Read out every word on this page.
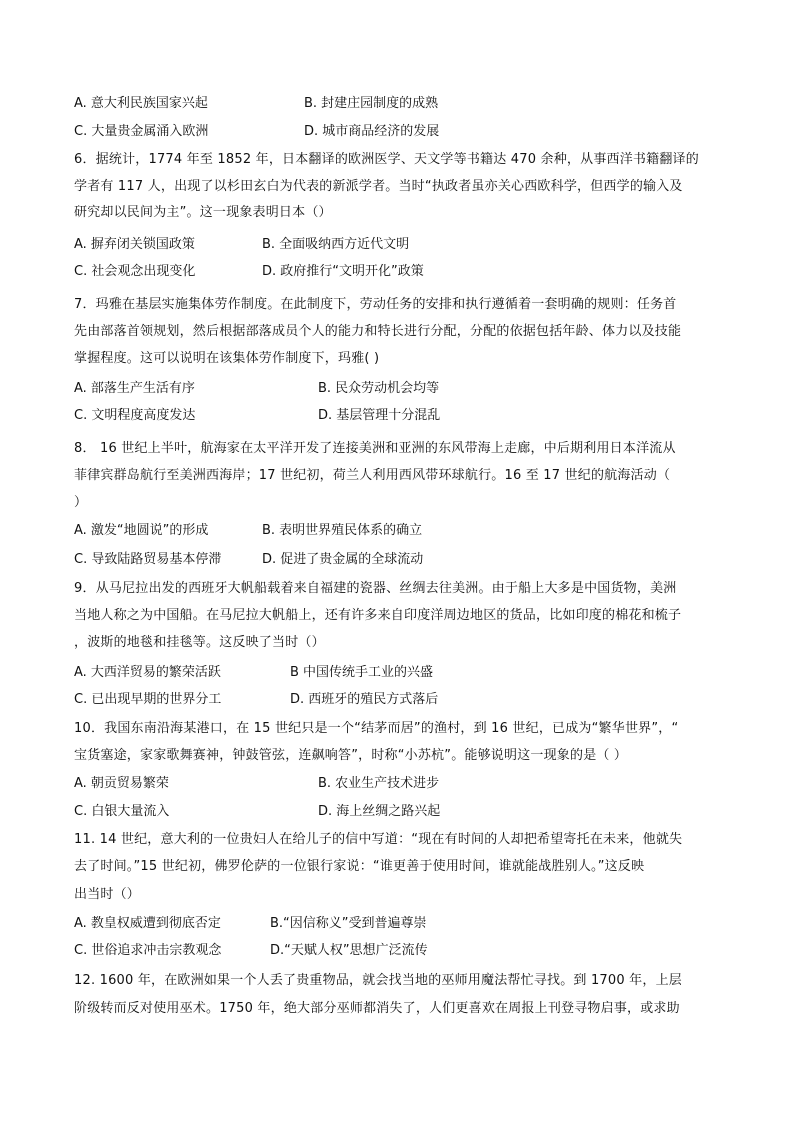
A. 意大利民族国家兴起	B. 封建庄园制度的成熟
C. 大量贵金属涌入欧洲	D. 城市商品经济的发展
6．据统计，1774 年至 1852 年，日本翻译的欧洲医学、天文学等书籍达 470 余种，从事西洋书籍翻译的
学者有 117 人，出现了以杉田玄白为代表的新派学者。当时“执政者虽亦关心西欧科学，但西学的输入及
研究却以民间为主”。这一现象表明日本（）
A. 摒弃闭关锁国政策	B. 全面吸纳西方近代文明
C. 社会观念出现变化	D. 政府推行“文明开化”政策
7．玛雅在基层实施集体劳作制度。在此制度下，劳动任务的安排和执行遵循着一套明确的规则：任务首
先由部落首领规划，然后根据部落成员个人的能力和特长进行分配，分配的依据包括年龄、体力以及技能
掌握程度。这可以说明在该集体劳作制度下，玛雅( )
A. 部落生产生活有序	B. 民众劳动机会均等
C. 文明程度高度发达	D. 基层管理十分混乱
8． 16 世纪上半叶，航海家在太平洋开发了连接美洲和亚洲的东风带海上走廊，中后期利用日本洋流从
菲律宾群岛航行至美洲西海岸；17 世纪初，荷兰人利用西风带环球航行。16 至 17 世纪的航海活动（
）
A. 激发“地圆说”的形成	B. 表明世界殖民体系的确立
C. 导致陆路贸易基本停滞	D. 促进了贵金属的全球流动
9．从马尼拉出发的西班牙大帆船载着来自福建的瓷器、丝绸去往美洲。由于船上大多是中国货物，美洲
当地人称之为中国船。在马尼拉大帆船上，还有许多来自印度洋周边地区的货品，比如印度的棉花和梳子
，波斯的地毯和挂毯等。这反映了当时（）
A. 大西洋贸易的繁荣活跃	B 中国传统手工业的兴盛
C. 已出现早期的世界分工	D. 西班牙的殖民方式落后
10．我国东南沿海某港口，在 15 世纪只是一个“结茅而居”的渔村，到 16 世纪，已成为“繁华世界”，“
宝货塞途，家家歌舞赛神，钟鼓管弦，连飙响答”，时称“小苏杭”。能够说明这一现象的是（ ）
A. 朝贡贸易繁荣	B. 农业生产技术进步
C. 白银大量流入	D. 海上丝绸之路兴起
11. 14 世纪，意大利的一位贵妇人在给儿子的信中写道：“现在有时间的人却把希望寄托在未来，他就失
去了时间。”15 世纪初，佛罗伦萨的一位银行家说：“谁更善于使用时间，谁就能战胜别人。”这反映
出当时（）
A. 教皇权威遭到彻底否定	B.“因信称义”受到普遍尊崇
C. 世俗追求冲击宗教观念	D.“天赋人权”思想广泛流传
12. 1600 年，在欧洲如果一个人丢了贵重物品，就会找当地的巫师用魔法帮忙寻找。到 1700 年，上层
阶级转而反对使用巫术。1750 年，绝大部分巫师都消失了，人们更喜欢在周报上刊登寻物启事，或求助
